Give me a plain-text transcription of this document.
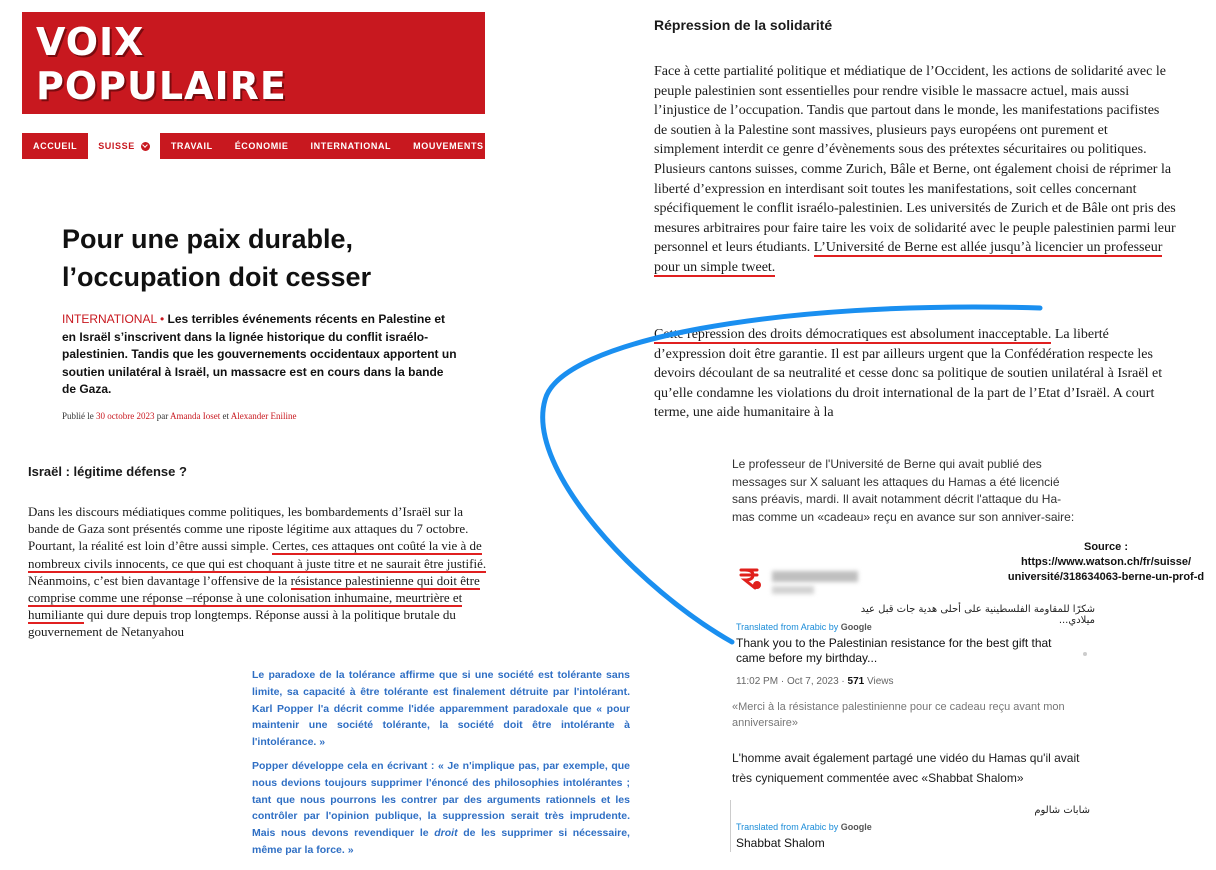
VOIX
POPULAIRE
ACCUEIL	SUISSE	TRAVAIL	ÉCONOMIE	INTERNATIONAL	MOUVEMENTS
Pour une paix durable,
l’occupation doit cesser
INTERNATIONAL • Les terribles événements récents en Palestine et en Israël s’inscrivent dans la lignée historique du conflit israélo-palestinien. Tandis que les gouvernements occidentaux apportent un soutien unilatéral à Israël, un massacre est en cours dans la bande de Gaza.
Publié le 30 octobre 2023 par Amanda Ioset et Alexander Eniline
Israël : légitime défense ?
Dans les discours médiatiques comme politiques, les bombardements d’Israël sur la bande de Gaza sont présentés comme une riposte légitime aux attaques du 7 octobre. Pourtant, la réalité est loin d’être aussi simple. Certes, ces attaques ont coûté la vie à de nombreux civils innocents, ce que qui est choquant à juste titre et ne saurait être justifié. Néanmoins, c’est bien davantage l’offensive de la résistance palestinienne qui doit être comprise comme une réponse –réponse à une colonisation inhumaine, meurtrière et humiliante qui dure depuis trop longtemps. Réponse aussi à la politique brutale du gouvernement de Netanyahou

Le paradoxe de la tolérance affirme que si une société est tolérante sans limite, sa capacité à être tolérante est finalement détruite par l'intolérant. Karl Popper l'a décrit comme l'idée apparemment paradoxale que « pour maintenir une société tolérante, la société doit être intolérante à l'intolérance. »

Popper développe cela en écrivant : « Je n'implique pas, par exemple, que nous devions toujours supprimer l'énoncé des philosophies intolérantes ; tant que nous pourrons les contrer par des arguments rationnels et les contrôler par l'opinion publique, la suppression serait très imprudente. Mais nous devons revendiquer le droit de les supprimer si nécessaire, même par la force. »

Répression de la solidarité
Face à cette partialité politique et médiatique de l’Occident, les actions de solidarité avec le peuple palestinien sont essentielles pour rendre visible le massacre actuel, mais aussi l’injustice de l’occupation. Tandis que partout dans le monde, les manifestations pacifistes de soutien à la Palestine sont massives, plusieurs pays européens ont purement et simplement interdit ce genre d’évènements sous des prétextes sécuritaires ou politiques. Plusieurs cantons suisses, comme Zurich, Bâle et Berne, ont également choisi de réprimer la liberté d’expression en interdisant soit toutes les manifestations, soit celles concernant spécifiquement le conflit israélo-palestinien. Les universités de Zurich et de Bâle ont pris des mesures arbitraires pour faire taire les voix de solidarité avec le peuple palestinien parmi leur personnel et leurs étudiants. L’Université de Berne est allée jusqu’à licencier un professeur pour un simple tweet.
Cette répression des droits démocratiques est absolument inacceptable. La liberté d’expression doit être garantie. Il est par ailleurs urgent que la Confédération respecte les devoirs découlant de sa neutralité et cesse donc sa politique de soutien unilatéral à Israël et qu’elle condamne les violations du droit international de la part de l’Etat d’Israël. A court terme, une aide humanitaire à la
Le professeur de l'Université de Berne qui avait publié des messages sur X saluant les attaques du Hamas a été licencié sans préavis, mardi. Il avait notamment décrit l'attaque du Ha-mas comme un «cadeau» reçu en avance sur son anniver-saire:
Source :
https://www.watson.ch/fr/suisse/
université/318634063-berne-un-prof-d
شكرًا للمقاومة الفلسطينية على أحلى هدية جات قبل عيد ميلادي...
Translated from Arabic by Google
Thank you to the Palestinian resistance for the best gift that came before my birthday...
11:02 PM · Oct 7, 2023 · 571 Views
«Merci à la résistance palestinienne pour ce cadeau reçu avant mon anniversaire»
L'homme avait également partagé une vidéo du Hamas qu'il avait très cyniquement commentée avec «Shabbat Shalom»
شابات شالوم
Translated from Arabic by Google
Shabbat Shalom
